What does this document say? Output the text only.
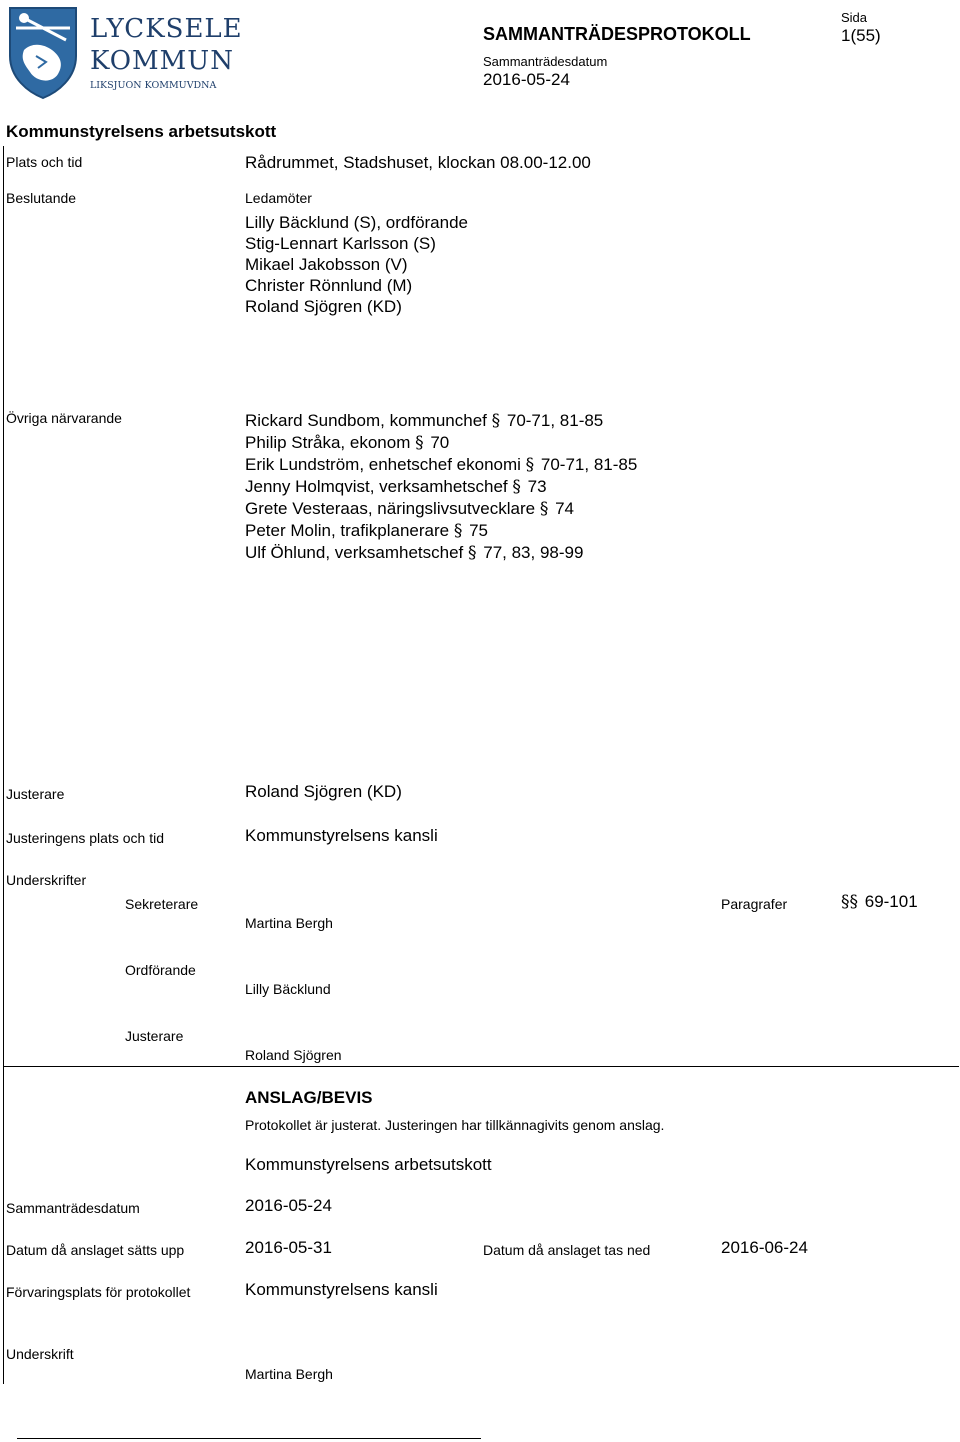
LYCKSELE
KOMMUN
LIKSJUON KOMMUVDNA
SAMMANTRÄDESPROTOKOLL
Sammanträdesdatum
2016-05-24
Sida
1(55)
Kommunstyrelsens arbetsutskott
Plats och tid	Rådrummet, Stadshuset, klockan 08.00-12.00
Beslutande	Ledamöter
Lilly Bäcklund (S), ordförande
Stig-Lennart Karlsson (S)
Mikael Jakobsson (V)
Christer Rönnlund (M)
Roland Sjögren (KD)
Övriga närvarande	Rickard Sundbom, kommunchef § 70-71, 81-85
Philip Stråka, ekonom § 70
Erik Lundström, enhetschef ekonomi § 70-71, 81-85
Jenny Holmqvist, verksamhetschef § 73
Grete Vesteraas, näringslivsutvecklare § 74
Peter Molin, trafikplanerare § 75
Ulf Öhlund, verksamhetschef § 77, 83, 98-99
Justerare	Roland Sjögren (KD)
Justeringens plats och tid	Kommunstyrelsens kansli
Underskrifter
Sekreterare
Martina Bergh
Paragrafer	§§ 69-101
Ordförande
Lilly Bäcklund
Justerare
Roland Sjögren
ANSLAG/BEVIS
Protokollet är justerat. Justeringen har tillkännagivits genom anslag.
Kommunstyrelsens arbetsutskott
Sammanträdesdatum	2016-05-24
Datum då anslaget sätts upp	2016-05-31	Datum då anslaget tas ned	2016-06-24
Förvaringsplats för protokollet	Kommunstyrelsens kansli
Underskrift
Martina Bergh
